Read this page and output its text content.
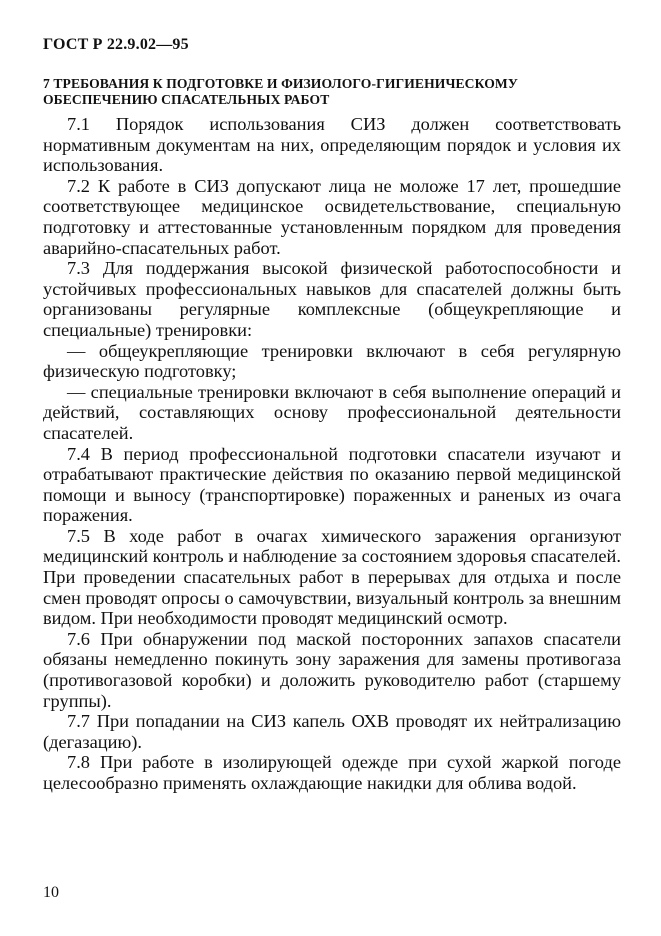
ГОСТ Р 22.9.02—95
7 ТРЕБОВАНИЯ К ПОДГОТОВКЕ И ФИЗИОЛОГО-ГИГИЕНИЧЕСКОМУ
ОБЕСПЕЧЕНИЮ СПАСАТЕЛЬНЫХ РАБОТ

7.1 Порядок использования СИЗ должен соответствовать нормативным документам на них, определяющим порядок и условия их использования.

7.2 К работе в СИЗ допускают лица не моложе 17 лет, прошедшие соответствующее медицинское освидетельствование, специальную подготовку и аттестованные установленным порядком для проведения аварийно-спасательных работ.

7.3 Для поддержания высокой физической работоспособности и устойчивых профессиональных навыков для спасателей должны быть организованы регулярные комплексные (общеукрепляющие и специальные) тренировки:

— общеукрепляющие тренировки включают в себя регулярную физическую подготовку;

— специальные тренировки включают в себя выполнение операций и действий, составляющих основу профессиональной деятельности спасателей.

7.4 В период профессиональной подготовки спасатели изучают и отрабатывают практические действия по оказанию первой медицинской помощи и выносу (транспортировке) пораженных и раненых из очага поражения.

7.5 В ходе работ в очагах химического заражения организуют медицинский контроль и наблюдение за состоянием здоровья спасателей. При проведении спасательных работ в перерывах для отдыха и после смен проводят опросы о самочувствии, визуальный контроль за внешним видом. При необходимости проводят медицинский осмотр.

7.6 При обнаружении под маской посторонних запахов спасатели обязаны немедленно покинуть зону заражения для замены противогаза (противогазовой коробки) и доложить руководителю работ (старшему группы).

7.7 При попадании на СИЗ капель ОХВ проводят их нейтрализацию (дегазацию).

7.8 При работе в изолирующей одежде при сухой жаркой погоде целесообразно применять охлаждающие накидки для облива водой.

10
